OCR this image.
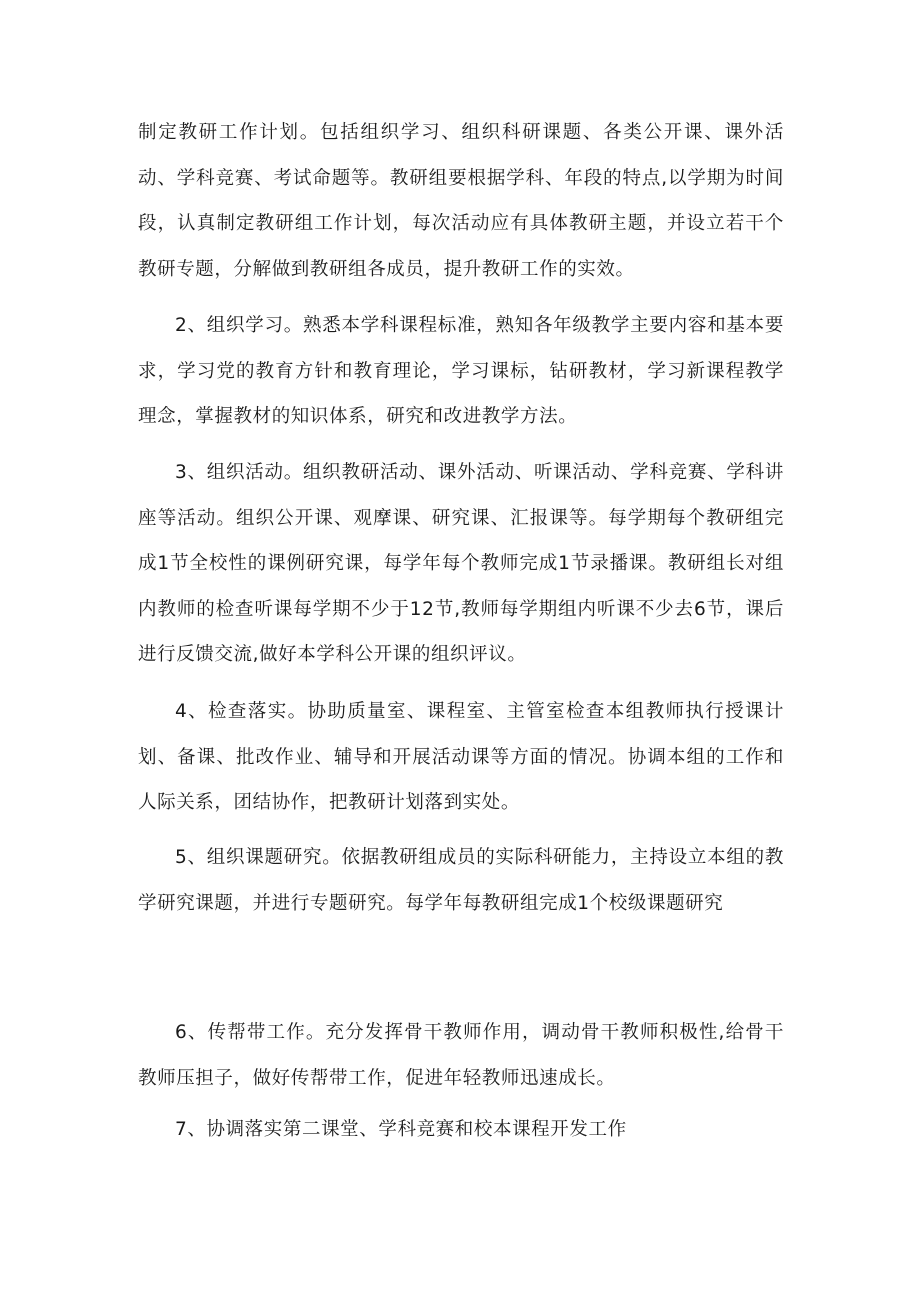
制定教研工作计划。包括组织学习、组织科研课题、各类公开课、课外活动、学科竞赛、考试命题等。教研组要根据学科、年段的特点,以学期为时间段，认真制定教研组工作计划，每次活动应有具体教研主题，并设立若干个教研专题，分解做到教研组各成员，提升教研工作的实效。

2、组织学习。熟悉本学科课程标准，熟知各年级教学主要内容和基本要求，学习党的教育方针和教育理论，学习课标，钻研教材，学习新课程教学理念，掌握教材的知识体系，研究和改进教学方法。

3、组织活动。组织教研活动、课外活动、听课活动、学科竞赛、学科讲座等活动。组织公开课、观摩课、研究课、汇报课等。每学期每个教研组完成1节全校性的课例研究课，每学年每个教师完成1节录播课。教研组长对组内教师的检查听课每学期不少于12节,教师每学期组内听课不少去6节，课后进行反馈交流,做好本学科公开课的组织评议。

4、检查落实。协助质量室、课程室、主管室检查本组教师执行授课计划、备课、批改作业、辅导和开展活动课等方面的情况。协调本组的工作和人际关系，团结协作，把教研计划落到实处。

5、组织课题研究。依据教研组成员的实际科研能力，主持设立本组的教学研究课题，并进行专题研究。每学年每教研组完成1个校级课题研究

6、传帮带工作。充分发挥骨干教师作用，调动骨干教师积极性,给骨干教师压担子，做好传帮带工作，促进年轻教师迅速成长。

7、协调落实第二课堂、学科竞赛和校本课程开发工作
